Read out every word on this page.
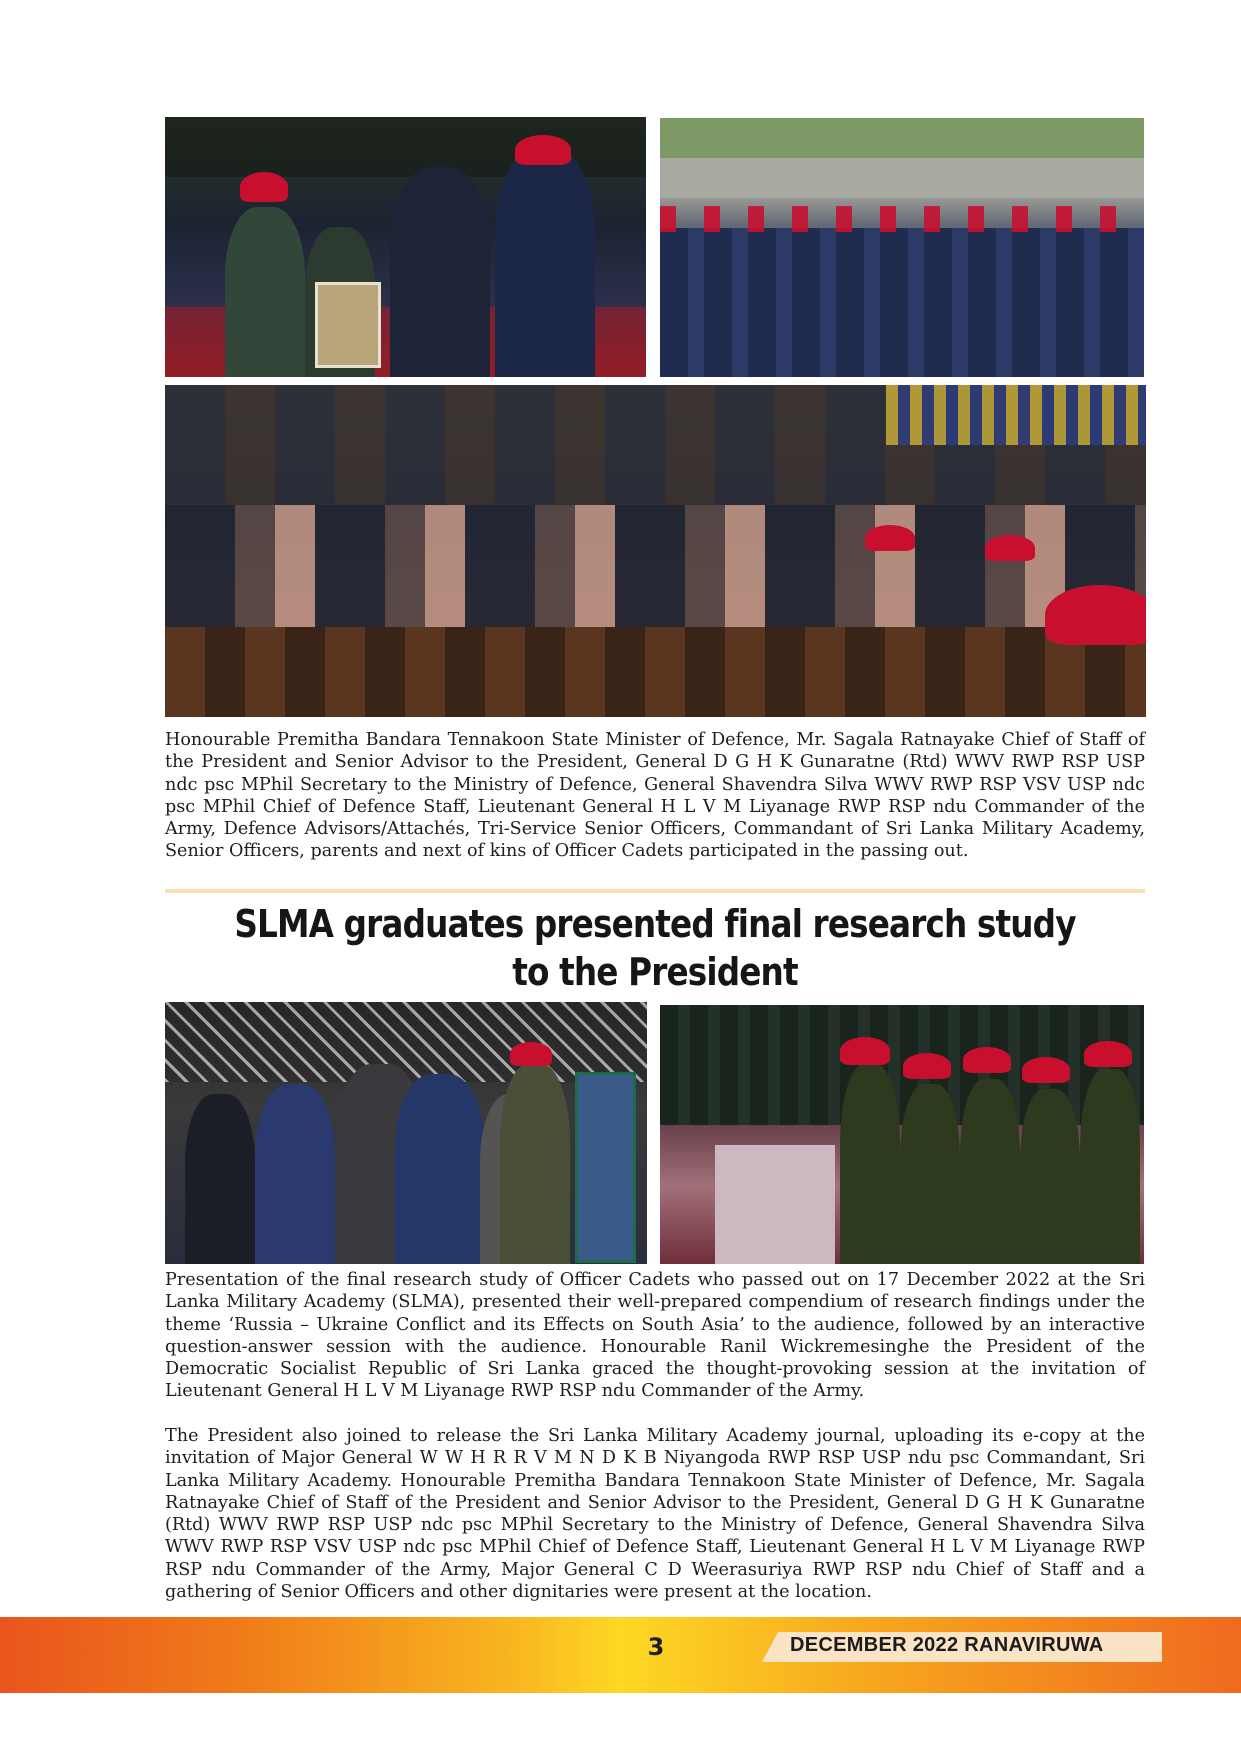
Honourable Premitha Bandara Tennakoon State Minister of Defence, Mr. Sagala Ratnayake Chief of Staff of the President and Senior Advisor to the President, General D G H K Gunaratne (Rtd) WWV RWP RSP USP ndc psc MPhil Secretary to the Ministry of Defence, General Shavendra Silva WWV RWP RSP VSV USP ndc psc MPhil Chief of Defence Staff, Lieutenant General H L V M Liyanage RWP RSP ndu Commander of the Army, Defence Advisors/Attachés, Tri-Service Senior Officers, Commandant of Sri Lanka Military Academy, Senior Officers, parents and next of kins of Officer Cadets participated in the passing out.

SLMA graduates presented final research study to the President

Presentation of the final research study of Officer Cadets who passed out on 17 December 2022 at the Sri Lanka Military Academy (SLMA), presented their well-prepared compendium of research findings under the theme ‘Russia – Ukraine Conflict and its Effects on South Asia’ to the audience, followed by an interactive question-answer session with the audience. Honourable Ranil Wickremesinghe the President of the Democratic Socialist Republic of Sri Lanka graced the thought-provoking session at the invitation of Lieutenant General H L V M Liyanage RWP RSP ndu Commander of the Army.

The President also joined to release the Sri Lanka Military Academy journal, uploading its e-copy at the invitation of Major General W W H R R V M N D K B Niyangoda RWP RSP USP ndu psc Commandant, Sri Lanka Military Academy. Honourable Premitha Bandara Tennakoon State Minister of Defence, Mr. Sagala Ratnayake Chief of Staff of the President and Senior Advisor to the President, General D G H K Gunaratne (Rtd) WWV RWP RSP USP ndc psc MPhil Secretary to the Ministry of Defence, General Shavendra Silva WWV RWP RSP VSV USP ndc psc MPhil Chief of Defence Staff, Lieutenant General H L V M Liyanage RWP RSP ndu Commander of the Army, Major General C D Weerasuriya RWP RSP ndu Chief of Staff and a gathering of Senior Officers and other dignitaries were present at the location.

3	DECEMBER 2022 RANAVIRUWA
